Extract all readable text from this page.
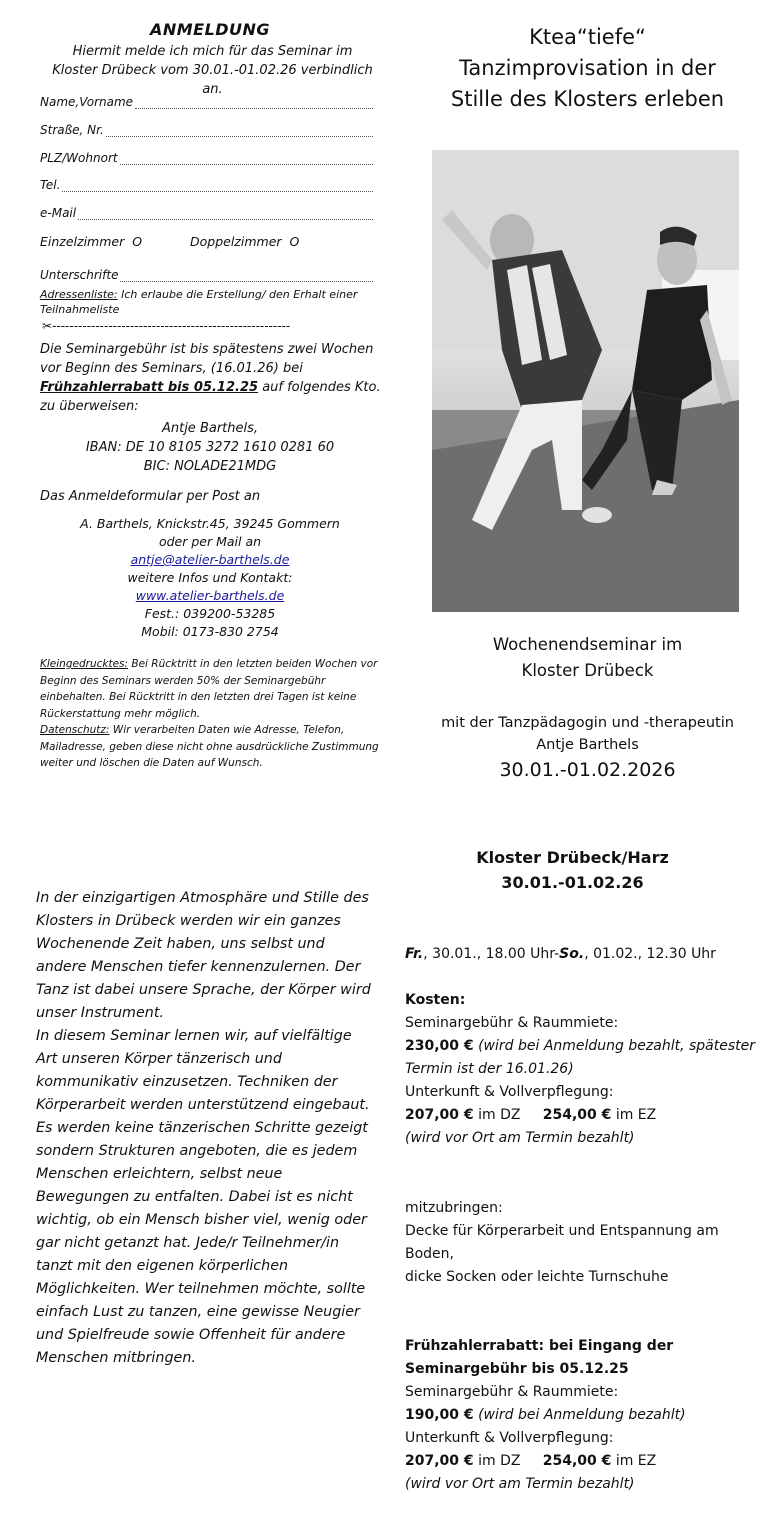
ANMELDUNG
Hiermit melde ich mich für das Seminar im Kloster Drübeck vom 30.01.-01.02.26 verbindlich an.
Name,Vorname
Straße, Nr.
PLZ/Wohnort
Tel.
e-Mail
Einzelzimmer O	Doppelzimmer O
Unterschrifte
Adressenliste: Ich erlaube die Erstellung/ den Erhalt einer Teilnahmeliste
✂-------------------------------------------------------
Die Seminargebühr ist bis spätestens zwei Wochen vor Beginn des Seminars, (16.01.26) bei Frühzahlerrabatt bis 05.12.25 auf folgendes Kto. zu überweisen:
Antje Barthels,
IBAN: DE 10 8105 3272 1610 0281 60
BIC: NOLADE21MDG
Das Anmeldeformular per Post an
A. Barthels, Knickstr.45, 39245 Gommern
oder per Mail an
antje@atelier-barthels.de
weitere Infos und Kontakt:
www.atelier-barthels.de
Fest.: 039200-53285
Mobil: 0173-830 2754
Kleingedrucktes: Bei Rücktritt in den letzten beiden Wochen vor Beginn des Seminars werden 50% der Seminargebühr einbehalten. Bei Rücktritt in den letzten drei Tagen ist keine Rückerstattung mehr möglich.
Datenschutz: Wir verarbeiten Daten wie Adresse, Telefon, Mailadresse, geben diese nicht ohne ausdrückliche Zustimmung weiter und löschen die Daten auf Wunsch.
Ktea“tiefe“
Tanzimprovisation in der
Stille des Klosters erleben
Wochenendseminar im
Kloster Drübeck
mit der Tanzpädagogin und -therapeutin
Antje Barthels
30.01.-01.02.2026
In der einzigartigen Atmosphäre und Stille des Klosters in Drübeck werden wir ein ganzes Wochenende Zeit haben, uns selbst und andere Menschen tiefer kennenzulernen. Der Tanz ist dabei unsere Sprache, der Körper wird unser Instrument.
In diesem Seminar lernen wir, auf vielfältige Art unseren Körper tänzerisch und kommunikativ einzusetzen. Techniken der Körperarbeit werden unterstützend eingebaut. Es werden keine tänzerischen Schritte gezeigt sondern Strukturen angeboten, die es jedem Menschen erleichtern, selbst neue Bewegungen zu entfalten. Dabei ist es nicht wichtig, ob ein Mensch bisher viel, wenig oder gar nicht getanzt hat. Jede/r Teilnehmer/in tanzt mit den eigenen körperlichen Möglichkeiten. Wer teilnehmen möchte, sollte einfach Lust zu tanzen, eine gewisse Neugier und Spielfreude sowie Offenheit für andere Menschen mitbringen.
Kloster Drübeck/Harz
30.01.-01.02.26
Fr., 30.01., 18.00 Uhr-So., 01.02., 12.30 Uhr
Kosten:
Seminargebühr & Raummiete:
230,00 € (wird bei Anmeldung bezahlt, spätester Termin ist der 16.01.26)
Unterkunft & Vollverpflegung:
207,00 € im DZ 254,00 € im EZ
(wird vor Ort am Termin bezahlt)
mitzubringen:
Decke für Körperarbeit und Entspannung am Boden,
dicke Socken oder leichte Turnschuhe
Frühzahlerrabatt: bei Eingang der Seminargebühr bis 05.12.25
Seminargebühr & Raummiete:
190,00 € (wird bei Anmeldung bezahlt)
Unterkunft & Vollverpflegung:
207,00 € im DZ 254,00 € im EZ
(wird vor Ort am Termin bezahlt)
